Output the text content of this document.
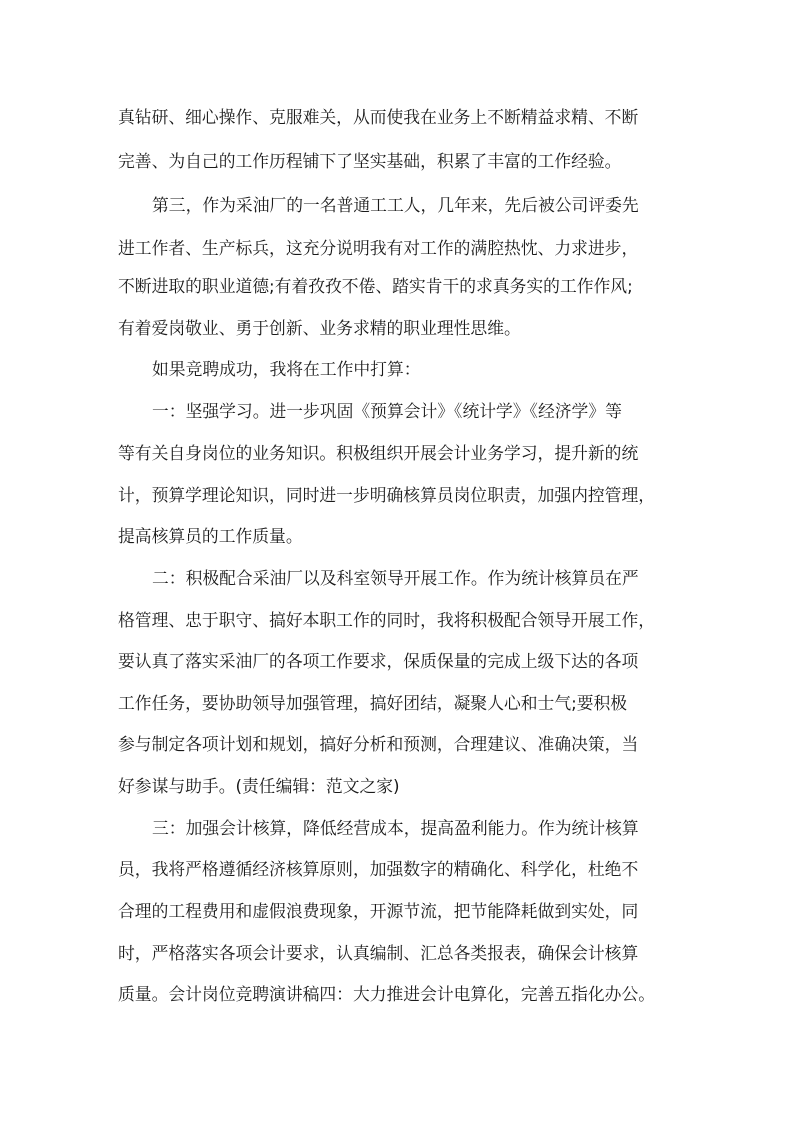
真钻研、细心操作、克服难关，从而使我在业务上不断精益求精、不断
完善、为自己的工作历程铺下了坚实基础，积累了丰富的工作经验。
第三，作为采油厂的一名普通工工人，几年来，先后被公司评委先
进工作者、生产标兵，这充分说明我有对工作的满腔热忱、力求进步，
不断进取的职业道德;有着孜孜不倦、踏实肯干的求真务实的工作作风;
有着爱岗敬业、勇于创新、业务求精的职业理性思维。
如果竞聘成功，我将在工作中打算：
一：坚强学习。进一步巩固《预算会计》《统计学》《经济学》等
等有关自身岗位的业务知识。积极组织开展会计业务学习，提升新的统
计，预算学理论知识，同时进一步明确核算员岗位职责，加强内控管理，
提高核算员的工作质量。
二：积极配合采油厂以及科室领导开展工作。作为统计核算员在严
格管理、忠于职守、搞好本职工作的同时，我将积极配合领导开展工作，
要认真了落实采油厂的各项工作要求，保质保量的完成上级下达的各项
工作任务，要协助领导加强管理，搞好团结，凝聚人心和士气;要积极
参与制定各项计划和规划，搞好分析和预测，合理建议、准确决策，当
好参谋与助手。(责任编辑：范文之家)
三：加强会计核算，降低经营成本，提高盈利能力。作为统计核算
员，我将严格遵循经济核算原则，加强数字的精确化、科学化，杜绝不
合理的工程费用和虚假浪费现象，开源节流，把节能降耗做到实处，同
时，严格落实各项会计要求，认真编制、汇总各类报表，确保会计核算
质量。会计岗位竞聘演讲稿四：大力推进会计电算化，完善五指化办公。
